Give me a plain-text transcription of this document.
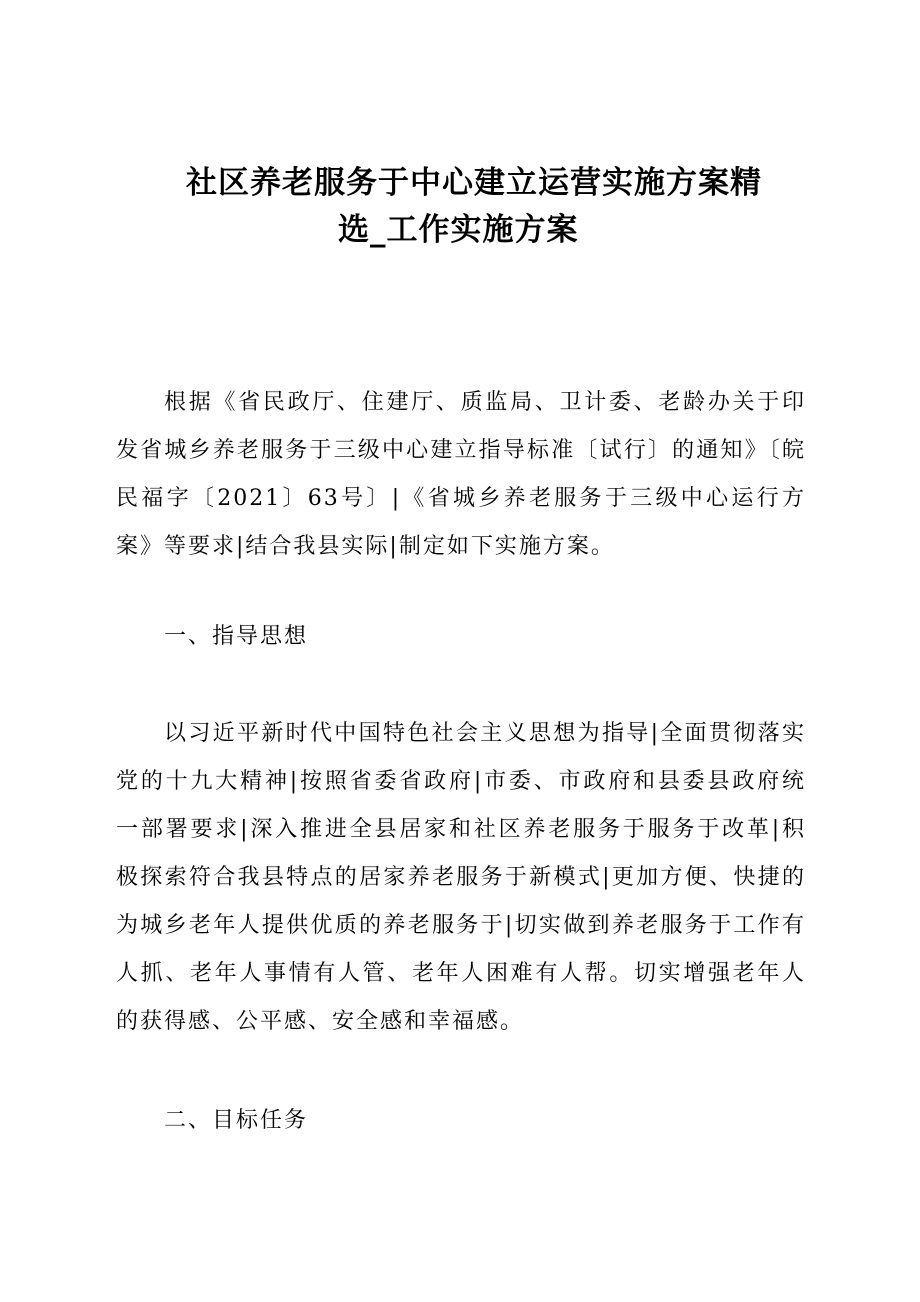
社区养老服务于中心建立运营实施方案精
选_工作实施方案

根据《省民政厅、住建厅、质监局、卫计委、老龄办关于印发省城乡养老服务于三级中心建立指导标准〔试行〕的通知》〔皖民福字〔2021〕63号〕|《省城乡养老服务于三级中心运行方案》等要求|结合我县实际|制定如下实施方案。

一、指导思想

以习近平新时代中国特色社会主义思想为指导|全面贯彻落实党的十九大精神|按照省委省政府|市委、市政府和县委县政府统一部署要求|深入推进全县居家和社区养老服务于服务于改革|积极探索符合我县特点的居家养老服务于新模式|更加方便、快捷的为城乡老年人提供优质的养老服务于|切实做到养老服务于工作有人抓、老年人事情有人管、老年人困难有人帮。切实增强老年人的获得感、公平感、安全感和幸福感。

二、目标任务
